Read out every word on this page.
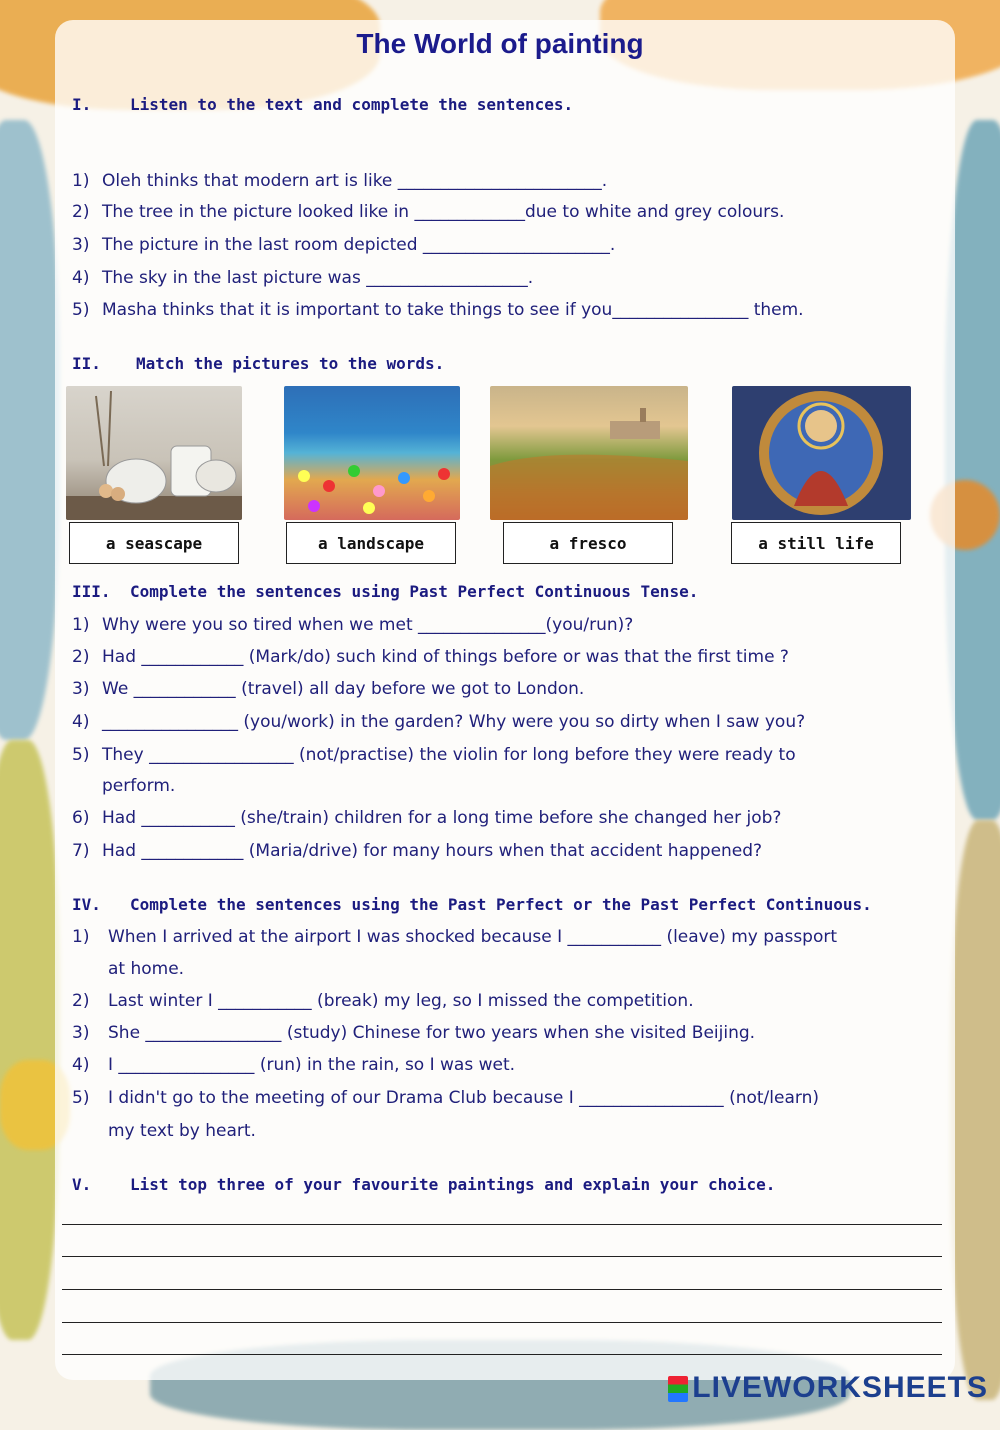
The World of painting
I. Listen to the text and complete the sentences.
1) Oleh thinks that modern art is like ________________________.
2) The tree in the picture looked like in _____________due to white and grey colours.
3) The picture in the last room depicted ______________________.
4) The sky in the last picture was ___________________.
5) Masha thinks that it is important to take things to see if you________________ them.
II. Match the pictures to the words.
a seascape	a landscape	a fresco	a still life
III. Complete the sentences using Past Perfect Continuous Tense.
1) Why were you so tired when we met _______________(you/run)?
2) Had ____________ (Mark/do) such kind of things before or was that the first time ?
3) We ____________ (travel) all day before we got to London.
4) ________________ (you/work) in the garden? Why were you so dirty when I saw you?
5) They _________________ (not/practise) the violin for long before they were ready to
perform.
6) Had ___________ (she/train) children for a long time before she changed her job?
7) Had ____________ (Maria/drive) for many hours when that accident happened?
IV. Complete the sentences using the Past Perfect or the Past Perfect Continuous.
1) When I arrived at the airport I was shocked because I ___________ (leave) my passport
at home.
2) Last winter I ___________ (break) my leg, so I missed the competition.
3) She ________________ (study) Chinese for two years when she visited Beijing.
4) I ________________ (run) in the rain, so I was wet.
5) I didn't go to the meeting of our Drama Club because I _________________ (not/learn)
my text by heart.
V. List top three of your favourite paintings and explain your choice.
LIVEWORKSHEETS
